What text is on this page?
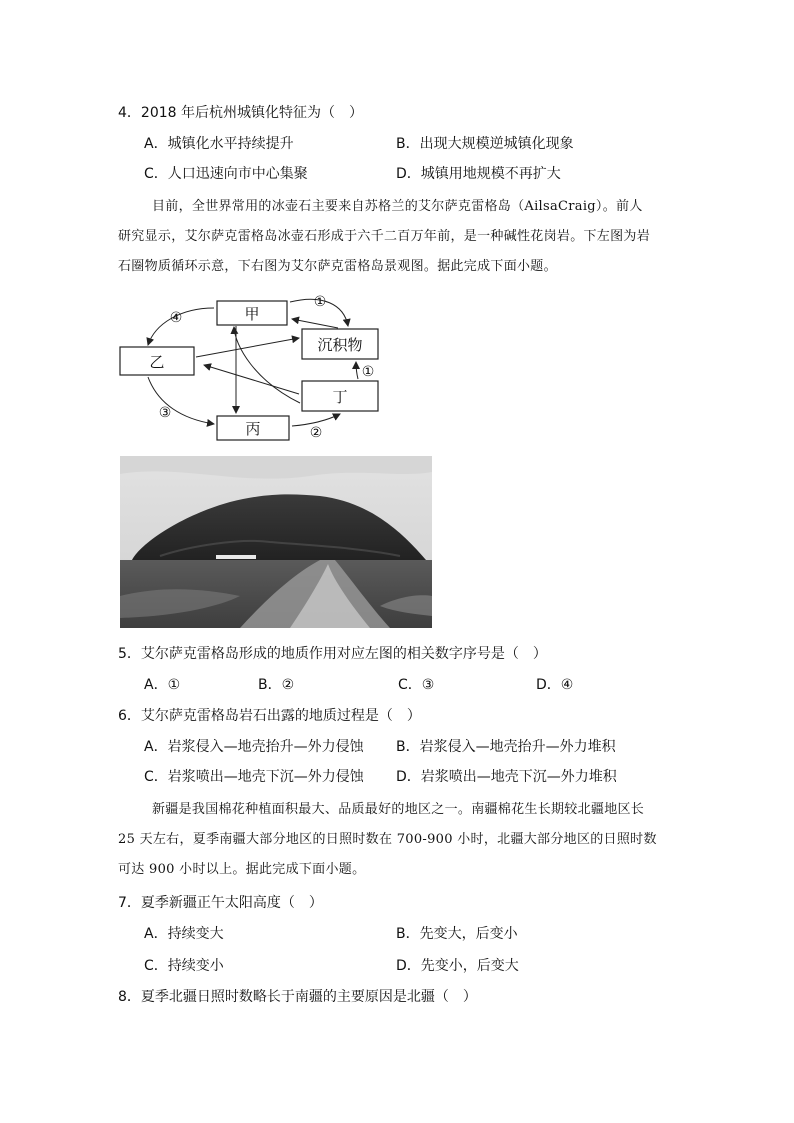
4．2018 年后杭州城镇化特征为（　）
A．城镇化水平持续提升	B．出现大规模逆城镇化现象
C．人口迅速向市中心集聚	D．城镇用地规模不再扩大
目前，全世界常用的冰壶石主要来自苏格兰的艾尔萨克雷格岛（AilsaCraig）。前人
研究显示，艾尔萨克雷格岛冰壶石形成于六千二百万年前，是一种碱性花岗岩。下左图为岩
石圈物质循环示意，下右图为艾尔萨克雷格岛景观图。据此完成下面小题。
甲
乙
沉积物
丁
丙
①
①
②
③
④
5．艾尔萨克雷格岛形成的地质作用对应左图的相关数字序号是（　）
A．①	B．②	C．③	D．④
6．艾尔萨克雷格岛岩石出露的地质过程是（　）
A．岩浆侵入—地壳抬升—外力侵蚀 B．岩浆侵入—地壳抬升—外力堆积
C．岩浆喷出—地壳下沉—外力侵蚀 D．岩浆喷出—地壳下沉—外力堆积
新疆是我国棉花种植面积最大、品质最好的地区之一。南疆棉花生长期较北疆地区长
25 天左右，夏季南疆大部分地区的日照时数在 700-900 小时，北疆大部分地区的日照时数
可达 900 小时以上。据此完成下面小题。
7．夏季新疆正午太阳高度（　）
A．持续变大	B．先变大，后变小
C．持续变小	D．先变小，后变大
8．夏季北疆日照时数略长于南疆的主要原因是北疆（　）
